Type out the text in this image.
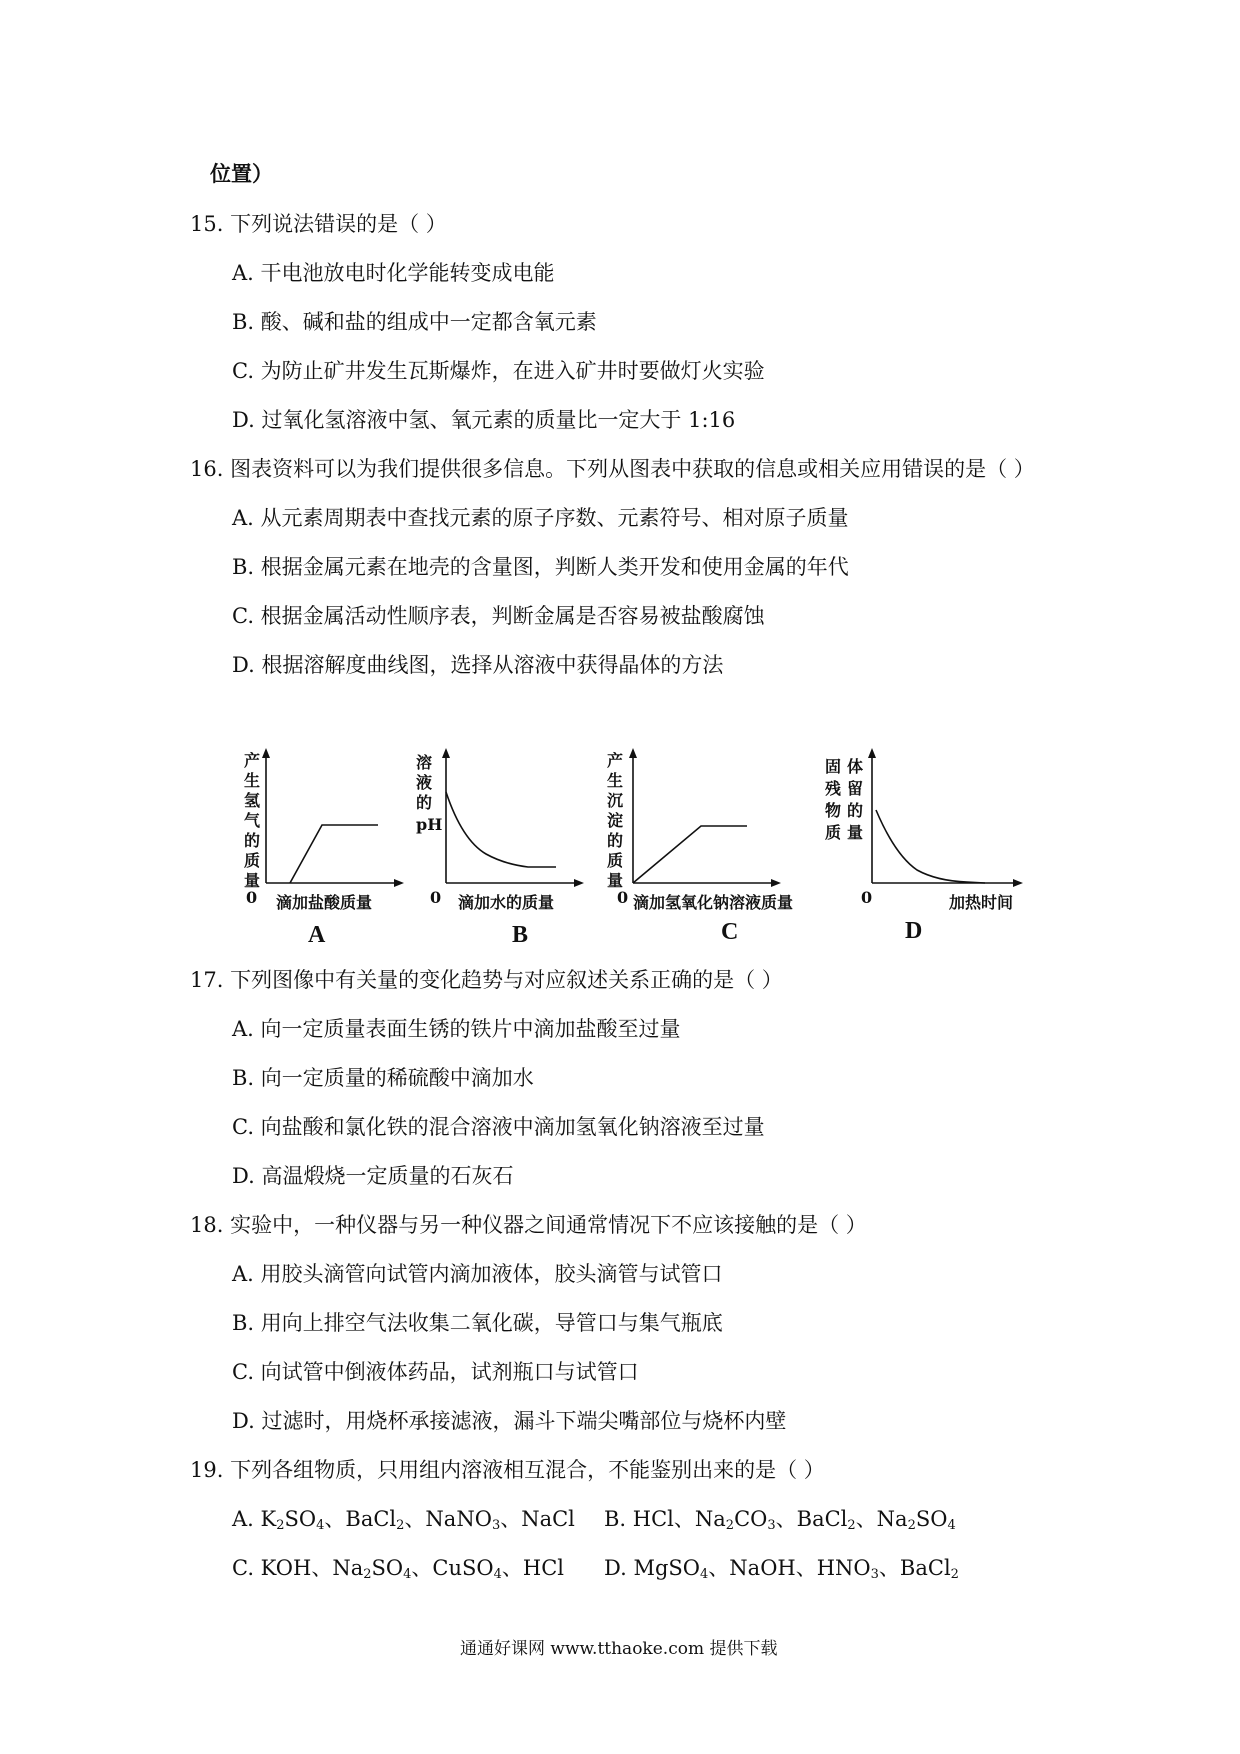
位置）
15. 下列说法错误的是（ ）
A. 干电池放电时化学能转变成电能
B. 酸、碱和盐的组成中一定都含氧元素
C. 为防止矿井发生瓦斯爆炸，在进入矿井时要做灯火实验
D. 过氧化氢溶液中氢、氧元素的质量比一定大于 1:16
16. 图表资料可以为我们提供很多信息。下列从图表中获取的信息或相关应用错误的是（ ）
A. 从元素周期表中查找元素的原子序数、元素符号、相对原子质量
B. 根据金属元素在地壳的含量图，判断人类开发和使用金属的年代
C. 根据金属活动性顺序表，判断金属是否容易被盐酸腐蚀
D. 根据溶解度曲线图，选择从溶液中获得晶体的方法
产
生
氢
气
的
质
量
0 滴加盐酸质量
A
溶
液
的
pH
0 滴加水的质量
B
产
生
沉
淀
的
质
量
0 滴加氢氧化钠溶液质量
C
固
残
物
质
体
留
的
量
0	加热时间
D
17. 下列图像中有关量的变化趋势与对应叙述关系正确的是（ ）
A. 向一定质量表面生锈的铁片中滴加盐酸至过量
B. 向一定质量的稀硫酸中滴加水
C. 向盐酸和氯化铁的混合溶液中滴加氢氧化钠溶液至过量
D. 高温煅烧一定质量的石灰石
18. 实验中，一种仪器与另一种仪器之间通常情况下不应该接触的是（ ）
A. 用胶头滴管向试管内滴加液体，胶头滴管与试管口
B. 用向上排空气法收集二氧化碳，导管口与集气瓶底
C. 向试管中倒液体药品，试剂瓶口与试管口
D. 过滤时，用烧杯承接滤液，漏斗下端尖嘴部位与烧杯内壁
19. 下列各组物质，只用组内溶液相互混合，不能鉴别出来的是（ ）
A. $K_2SO_4$、BaCl$_2$、NaNO$_3$、NaCl B. HCl、$Na_2CO_3$、BaCl$_2$、$Na_2SO_4$
C. KOH、$Na_2SO_4$、CuSO$_4$、HCl D. MgSO$_4$、NaOH、$HNO_3$、BaCl$_2$
通通好课网 www.tthaoke.com 提供下载
